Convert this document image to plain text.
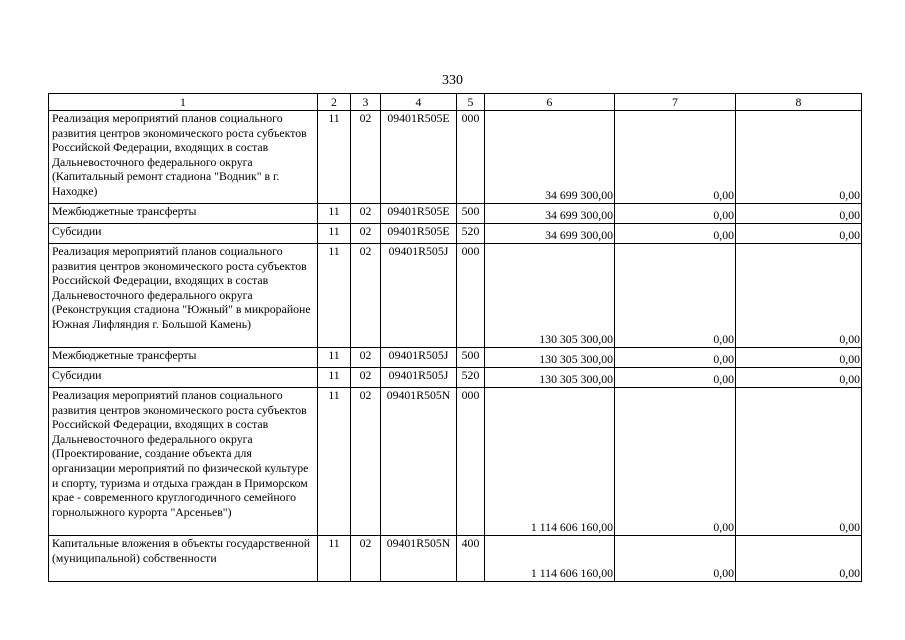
330
1	2	3	4	5	6	7	8
Реализация мероприятий планов социального развития центров экономического роста субъектов Российской Федерации, входящих в состав Дальневосточного федерального округа (Капитальный ремонт стадиона "Водник" в г. Находке)	11	02	09401R505E	000	34 699 300,00	0,00	0,00
Межбюджетные трансферты	11	02	09401R505E	500	34 699 300,00	0,00	0,00
Субсидии	11	02	09401R505E	520	34 699 300,00	0,00	0,00
Реализация мероприятий планов социального развития центров экономического роста субъектов Российской Федерации, входящих в состав Дальневосточного федерального округа (Реконструкция стадиона "Южный" в микрорайоне Южная Лифляндия г. Большой Камень)	11	02	09401R505J	000	130 305 300,00	0,00	0,00
Межбюджетные трансферты	11	02	09401R505J	500	130 305 300,00	0,00	0,00
Субсидии	11	02	09401R505J	520	130 305 300,00	0,00	0,00
Реализация мероприятий планов социального развития центров экономического роста субъектов Российской Федерации, входящих в состав Дальневосточного федерального округа (Проектирование, создание объекта для организации мероприятий по физической культуре и спорту, туризма и отдыха граждан в Приморском крае - современного круглогодичного семейного горнолыжного курорта "Арсеньев")	11	02	09401R505N	000	1 114 606 160,00	0,00	0,00
Капитальные вложения в объекты государственной (муниципальной) собственности	11	02	09401R505N	400	1 114 606 160,00	0,00	0,00
